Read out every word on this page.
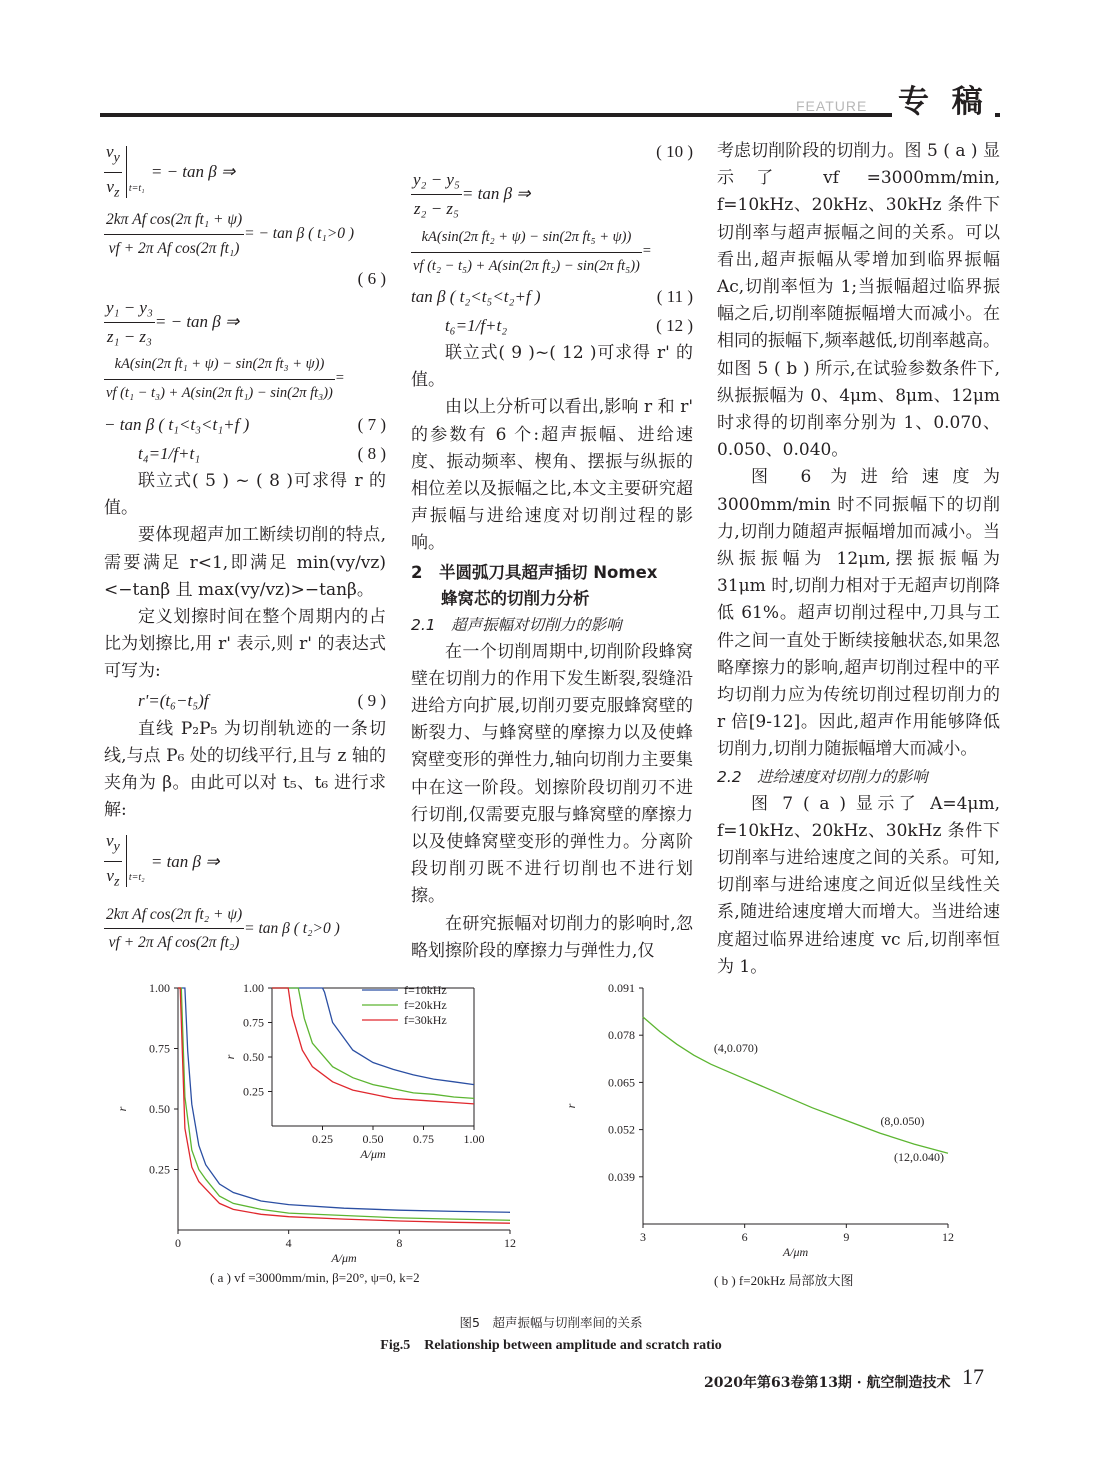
FEATURE 专 稿
$\frac{v_y}{v_z} t=t_1$
= − tan β ⇒
$\frac{\text{2kπ Af cos(2π ft₁ + ψ)}}{\text{vf + 2π Af cos(2π ft₁)}}$ = − tan β ( t₁>0 )
( 6 )
$\frac{\text{y₁ − y₃}}{\text{z₁ − z₃}}$ = − tan β ⇒
$\frac{\text{kA(sin(2π ft₁ + ψ) − sin(2π ft₃ + ψ))}}{\text{vf (t₁ − t₃) + A(sin(2π ft₁) − sin(2π ft₃))}}$ =
− tan β ( t₁<t₃<t₁+f )	( 7 )
t₄=1/f+t₁	( 8 )

联立式( 5 ) ~ ( 8 )可求得 r 的值。

要体现超声加工断续切削的特点,需要满足 r<1,即满足 min(vy/vz)<−tanβ 且 max(vy/vz)>−tanβ。

定义划擦时间在整个周期内的占比为划擦比,用 r' 表示,则 r' 的表达式可写为:

r'=(t₆−t₅)f	( 9 )

直线 P₂P₅ 为切削轨迹的一条切线,与点 P₆ 处的切线平行,且与 z 轴的夹角为 β。由此可以对 t₅、t₆ 进行求解:

$\frac{v_y}{v_z} t=t_2$
= tan β ⇒
$\frac{\text{2kπ Af cos(2π ft₂ + ψ)}}{\text{vf + 2π Af cos(2π ft₂)}} = \tan \beta$ ( t₂>0 )
( 10 )
$\frac{\text{y₂ − y₅}}{\text{z₂ − z₅}} = \tan \beta$ ⇒
$\frac{\text{kA(sin(2π ft₂ + ψ) − sin(2π ft₅ + ψ))}}{\text{vf (t₂ − t₅) + A(sin(2π ft₂) − sin(2π ft₅))}}$ =
tan β ( t₂<t₅<t₂+f )	( 11 )
t₆=1/f+t₂	( 12 )

联立式( 9 )~( 12 )可求得 r' 的值。

由以上分析可以看出,影响 r 和 r' 的参数有 6 个:超声振幅、进给速度、振动频率、楔角、摆振与纵振的相位差以及振幅之比,本文主要研究超声振幅与进给速度对切削过程的影响。

2　半圆弧刀具超声插切 Nomex
蜂窝芯的切削力分析
2.1　超声振幅对切削力的影响

在一个切削周期中,切削阶段蜂窝壁在切削力的作用下发生断裂,裂缝沿进给方向扩展,切削刃要克服蜂窝壁的断裂力、与蜂窝壁的摩擦力以及使蜂窝壁变形的弹性力,轴向切削力主要集中在这一阶段。划擦阶段切削刃不进行切削,仅需要克服与蜂窝壁的摩擦力以及使蜂窝壁变形的弹性力。分离阶段切削刃既不进行切削也不进行划擦。

在研究振幅对切削力的影响时,忽略划擦阶段的摩擦力与弹性力,仅

考虑切削阶段的切削力。图 5 ( a ) 显示了 vf =3000mm/min, f=10kHz、20kHz、30kHz 条件下切削率与超声振幅之间的关系。可以看出,超声振幅从零增加到临界振幅 Ac,切削率恒为 1;当振幅超过临界振幅之后,切削率随振幅增大而减小。在相同的振幅下,频率越低,切削率越高。如图 5 ( b ) 所示,在试验参数条件下,纵振振幅为 0、4μm、8μm、12μm 时求得的切削率分别为 1、0.070、0.050、0.040。

图 6 为进给速度为 3000mm/min 时不同振幅下的切削力,切削力随超声振幅增加而减小。当纵振振幅为 12μm,摆振振幅为 31μm 时,切削力相对于无超声切削降低 61%。超声切削过程中,刀具与工件之间一直处于断续接触状态,如果忽略摩擦力的影响,超声切削过程中的平均切削力应为传统切削过程切削力的 r 倍[9-12]。因此,超声作用能够降低切削力,切削力随振幅增大而减小。

2.2　进给速度对切削力的影响

图 7 ( a ) 显示了 A=4μm, f=10kHz、20kHz、30kHz 条件下切削率与进给速度之间的关系。可知,切削率与进给速度之间近似呈线性关系,随进给速度增大而增大。当进给速度超过临界进给速度 vc 后,切削率恒为 1。

0	4	8	12
0.25
0.50
0.75
1.00
A/μm
r
0.25 0.50 0.75 1.00
0.25
0.50
0.75
1.00
A/μm
r
f=10kHz
f=20kHz
f=30kHz
3	6	9	12
0.039
0.052
0.065
0.078
0.091
A/μm
r
(4,0.070)
(8,0.050)
(12,0.040)
( a ) vf =3000mm/min, β=20°, ψ=0, k=2	( b ) f=20kHz 局部放大图
图5　超声振幅与切削率间的关系
Fig.5　Relationship between amplitude and scratch ratio
2020年第63卷第13期 · 航空制造技术 17
